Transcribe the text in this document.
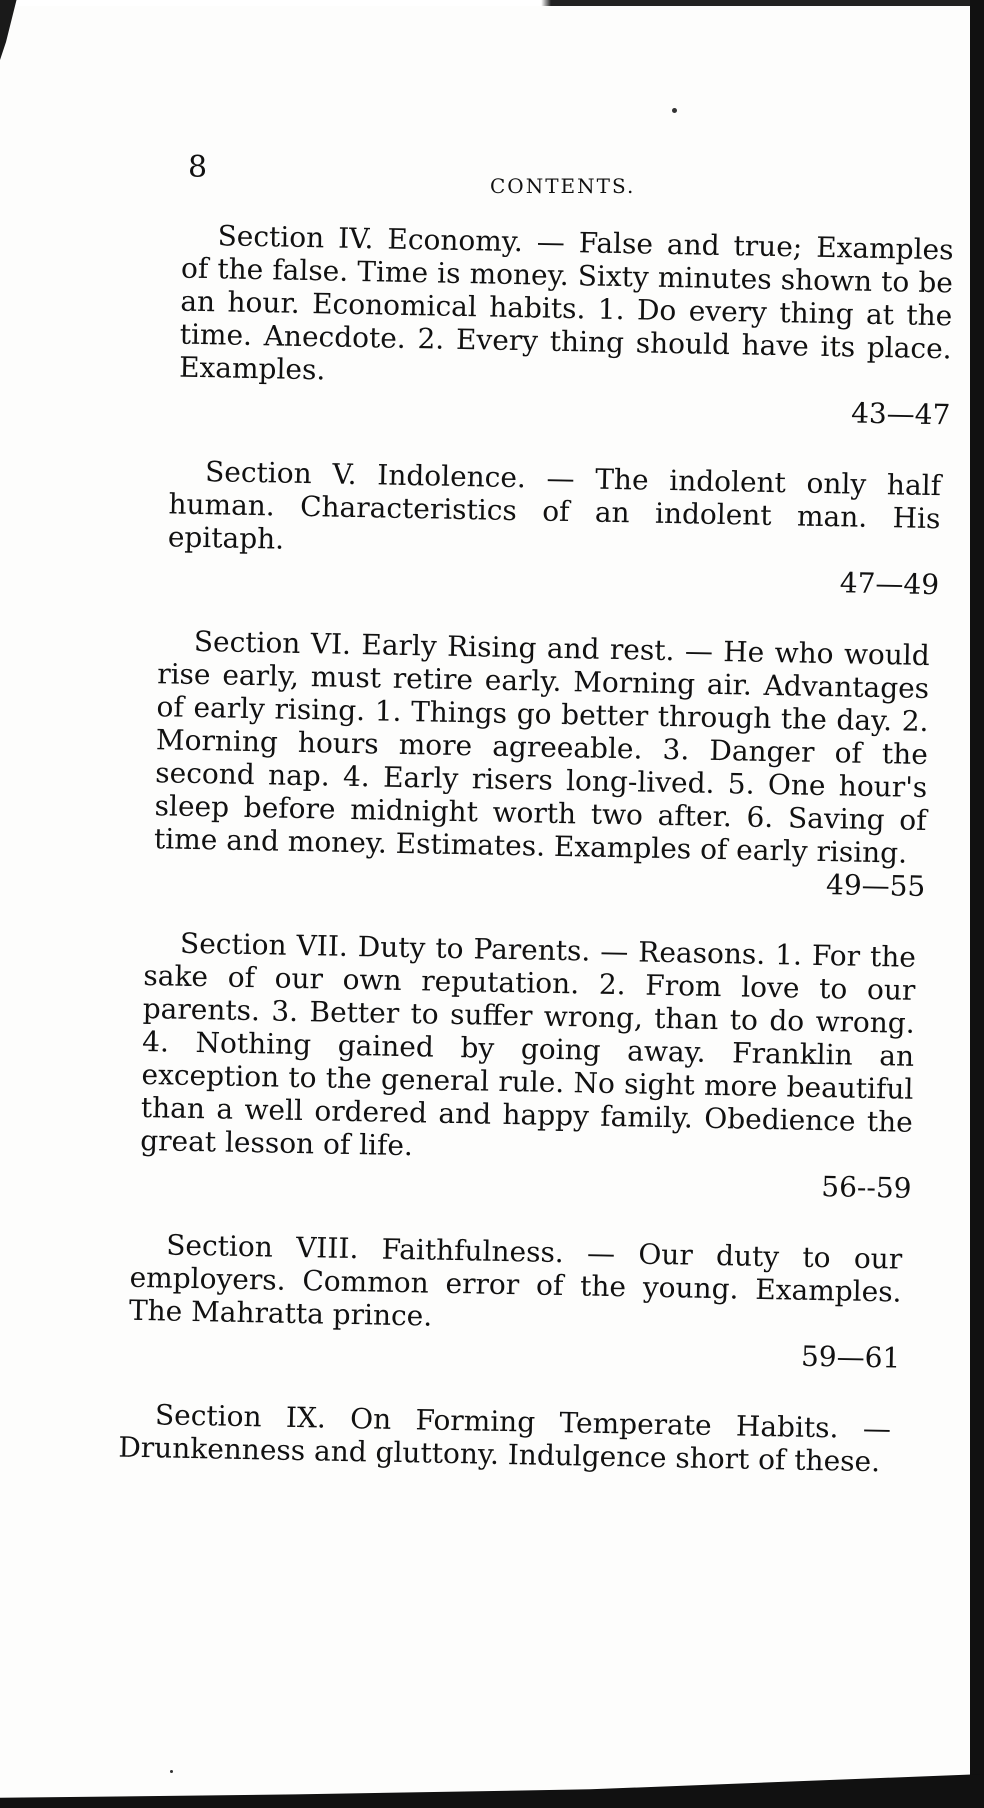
8
CONTENTS.

Section IV. Economy. — False and true; Examples of the false. Time is money. Sixty minutes shown to be an hour. Economical habits. 1. Do every thing at the time. Anecdote. 2. Every thing should have its place. Examples.

43—47

Section V. Indolence. — The indolent only half human. Characteristics of an indolent man. His epitaph.

47—49

Section VI. Early Rising and rest. — He who would rise early, must retire early. Morning air. Advantages of early rising. 1. Things go better through the day. 2. Morning hours more agreeable. 3. Danger of the second nap. 4. Early risers long-lived. 5. One hour's sleep before midnight worth two after. 6. Saving of time and money. Estimates. Examples of early rising.

49—55

Section VII. Duty to Parents. — Reasons. 1. For the sake of our own reputation. 2. From love to our parents. 3. Better to suffer wrong, than to do wrong. 4. Nothing gained by going away. Franklin an exception to the general rule. No sight more beautiful than a well ordered and happy family. Obedience the great lesson of life.

56--59

Section VIII. Faithfulness. — Our duty to our employers. Common error of the young. Examples. The Mahratta prince.

59—61

Section IX. On Forming Temperate Habits. — Drunkenness and gluttony. Indulgence short of these.
